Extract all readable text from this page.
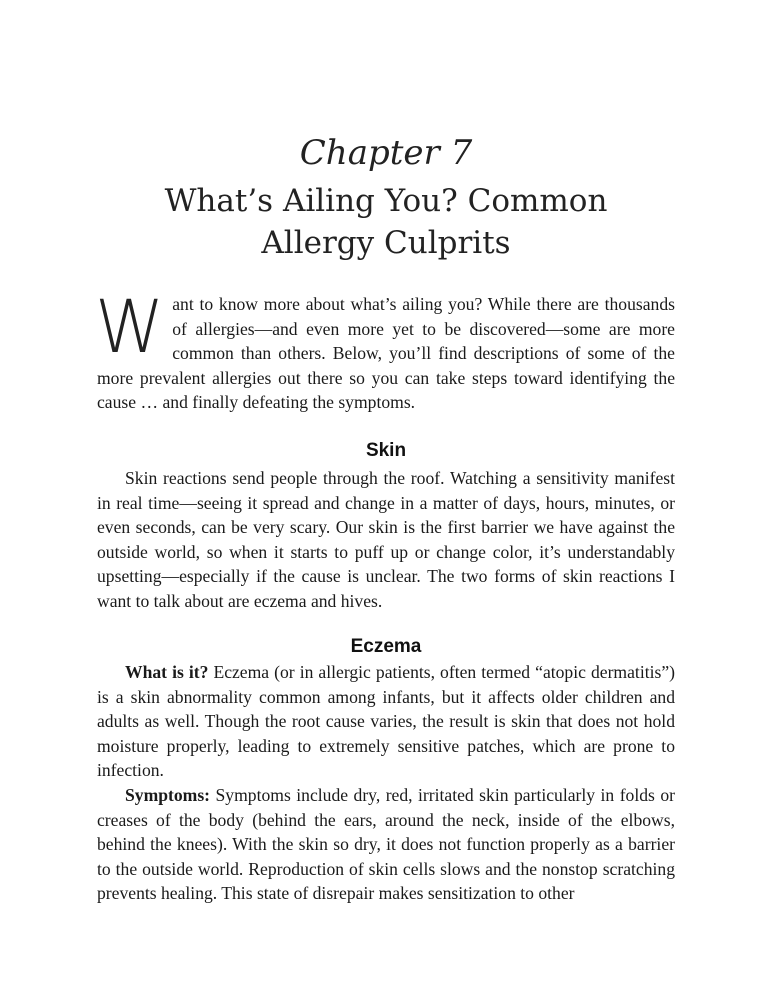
Chapter 7
What’s Ailing You? Common Allergy Culprits

Want to know more about what’s ailing you? While there are thousands of allergies—and even more yet to be discovered—some are more common than others. Below, you’ll find descriptions of some of the more prevalent allergies out there so you can take steps toward identifying the cause … and finally defeating the symptoms.

Skin

Skin reactions send people through the roof. Watching a sensitivity manifest in real time—seeing it spread and change in a matter of days, hours, minutes, or even seconds, can be very scary. Our skin is the first barrier we have against the outside world, so when it starts to puff up or change color, it’s understandably upsetting—especially if the cause is unclear. The two forms of skin reactions I want to talk about are eczema and hives.

Eczema

What is it? Eczema (or in allergic patients, often termed “atopic dermatitis”) is a skin abnormality common among infants, but it affects older children and adults as well. Though the root cause varies, the result is skin that does not hold moisture properly, leading to extremely sensitive patches, which are prone to infection.

Symptoms: Symptoms include dry, red, irritated skin particularly in folds or creases of the body (behind the ears, around the neck, inside of the elbows, behind the knees). With the skin so dry, it does not function properly as a barrier to the outside world. Reproduction of skin cells slows and the nonstop scratching prevents healing. This state of disrepair makes sensitization to other
